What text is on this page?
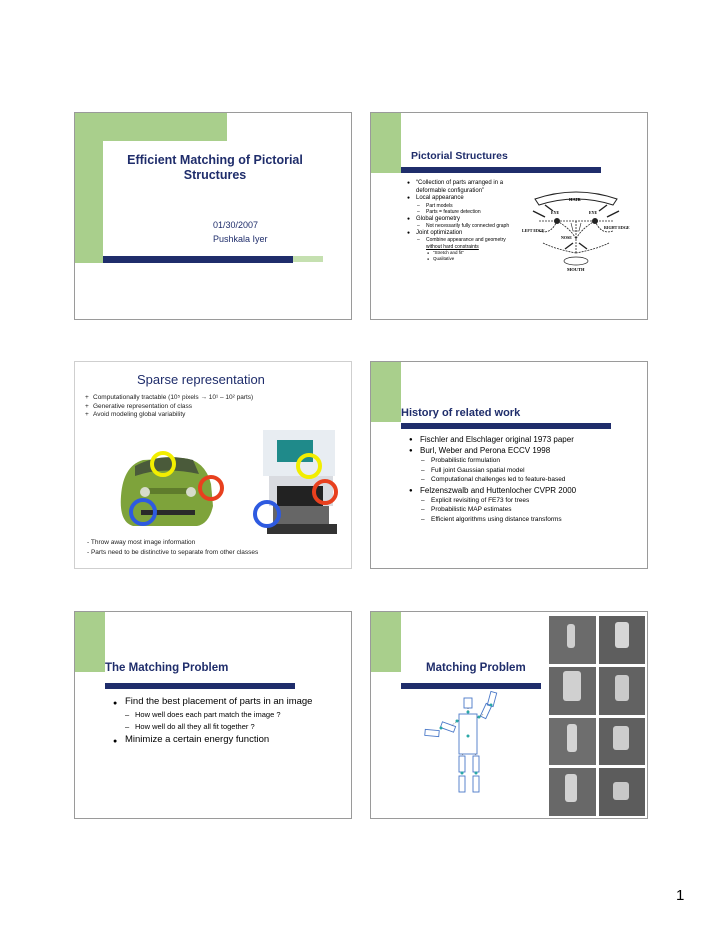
Efficient Matching of Pictorial Structures
01/30/2007
Pushkala Iyer
Pictorial Structures
● “Collection of parts arranged in a deformable configuration”
● Local appearance
– Part models
– Parts = feature detection
● Global geometry
– Not necessarily fully connected graph
● Joint optimization
– Combine appearance and geometry without hard constraints
● “Stretch and fit”
● Qualitative
HAIR
EYE	EYE
LEFT EDGE
RIGHT EDGE
NOSE
MOUTH
Sparse representation
+ Computationally tractable (10⁵ pixels → 10¹ – 10² parts)
+ Generative representation of class
+ Avoid modeling global variability
- Throw away most image information
- Parts need to be distinctive to separate from other classes
History of related work
● Fischler and Elschlager original 1973 paper
● Burl, Weber and Perona ECCV 1998
– Probabilistic formulation
– Full joint Gaussian spatial model
– Computational challenges led to feature-based
● Felzenszwalb and Huttenlocher CVPR 2000
– Explicit revisiting of FE73 for trees
– Probabilistic MAP estimates
– Efficient algorithms using distance transforms
The Matching Problem
● Find the best placement of parts in an image
– How well does each part match the image ?
– How well do all they all fit together ?
● Minimize a certain energy function
Matching Problem
1
